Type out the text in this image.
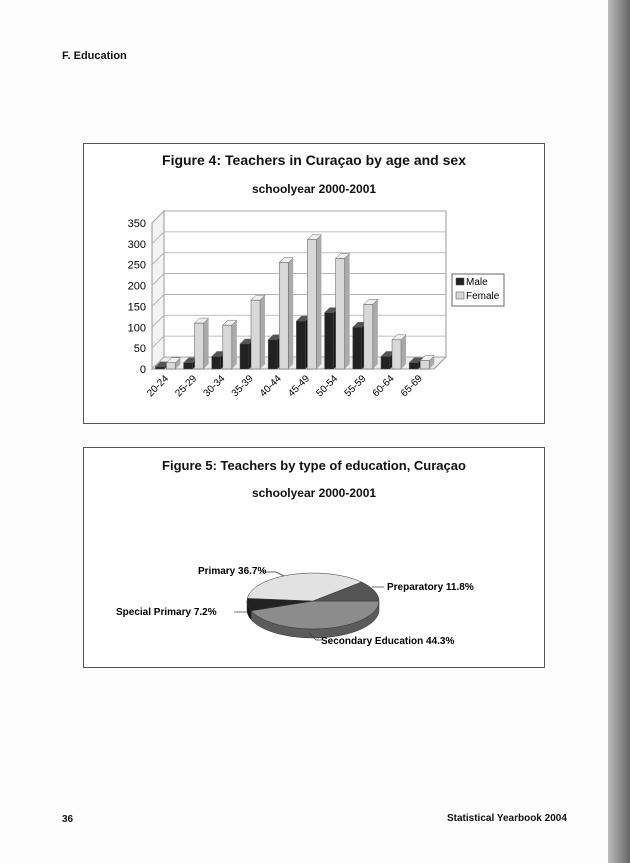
F. Education
Figure 4: Teachers in Curaçao by age and sex
schoolyear 2000-2001
0
50
100
150
200
250
300
350
20-24 25-29 30-34 35-39 40-44 45-49 50-54 55-59 60-64 65-69
Male
Female
Figure 5: Teachers by type of education, Curaçao
schoolyear 2000-2001
Primary 36.7%
Preparatory 11.8%
Special Primary 7.2%
Secondary Education 44.3%
36	Statistical Yearbook 2004
